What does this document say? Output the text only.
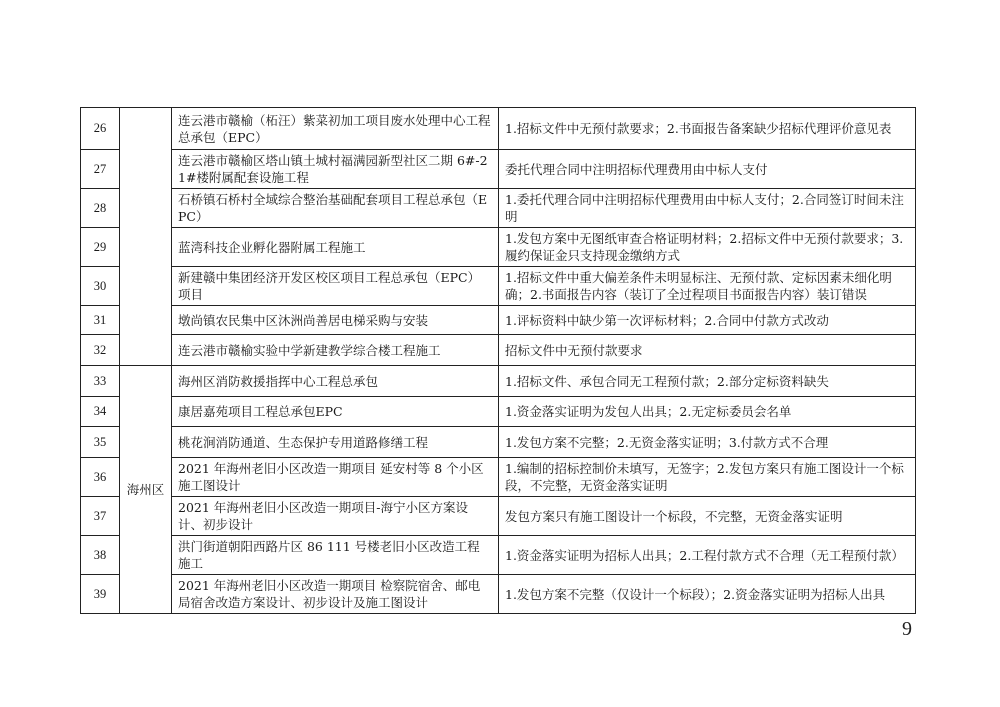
26		连云港市赣榆（柘汪）紫菜初加工项目废水处理中心工程总承包（EPC）	1.招标文件中无预付款要求；2.书面报告备案缺少招标代理评价意见表
27		连云港市赣榆区塔山镇土城村福满园新型社区二期 6#-21#楼附属配套设施工程	委托代理合同中注明招标代理费用由中标人支付
28		石桥镇石桥村全域综合整治基础配套项目工程总承包（EPC）	1.委托代理合同中注明招标代理费用由中标人支付；2.合同签订时间未注明
29		蓝湾科技企业孵化器附属工程施工	1.发包方案中无图纸审查合格证明材料；2.招标文件中无预付款要求；3.履约保证金只支持现金缴纳方式
30		新建赣中集团经济开发区校区项目工程总承包（EPC）项目	1.招标文件中重大偏差条件未明显标注、无预付款、定标因素未细化明确；2.书面报告内容（装订了全过程项目书面报告内容）装订错误
31		墩尚镇农民集中区沐洲尚善居电梯采购与安装	1.评标资料中缺少第一次评标材料；2.合同中付款方式改动
32		连云港市赣榆实验中学新建教学综合楼工程施工	招标文件中无预付款要求
33	海州区	海州区消防救援指挥中心工程总承包	1.招标文件、承包合同无工程预付款；2.部分定标资料缺失
34		康居嘉苑项目工程总承包EPC	1.资金落实证明为发包人出具；2.无定标委员会名单
35		桃花涧消防通道、生态保护专用道路修缮工程	1.发包方案不完整；2.无资金落实证明；3.付款方式不合理
36		2021 年海州老旧小区改造一期项目 延安村等 8 个小区施工图设计	1.编制的招标控制价未填写，无签字；2.发包方案只有施工图设计一个标段，不完整，无资金落实证明
37		2021 年海州老旧小区改造一期项目-海宁小区方案设计、初步设计	发包方案只有施工图设计一个标段，不完整，无资金落实证明
38		洪门街道朝阳西路片区 86 111 号楼老旧小区改造工程施工	1.资金落实证明为招标人出具；2.工程付款方式不合理（无工程预付款）
39		2021 年海州老旧小区改造一期项目 检察院宿舍、邮电局宿舍改造方案设计、初步设计及施工图设计	1.发包方案不完整（仅设计一个标段）；2.资金落实证明为招标人出具
9
